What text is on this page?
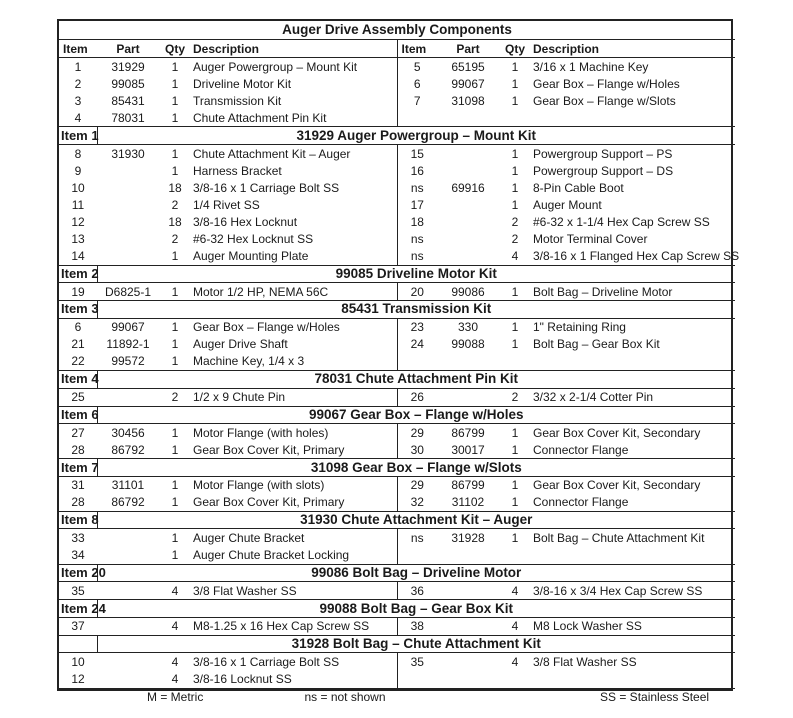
Auger Drive Assembly Components							
Item	Part	Qty	Description	Item	Part	Qty	Description
1	31929	1	Auger Powergroup – Mount Kit	5	65195	1	3/16 x 1 Machine Key
2	99085	1	Driveline Motor Kit	6	99067	1	Gear Box – Flange w/Holes
3	85431	1	Transmission Kit	7	31098	1	Gear Box – Flange w/Slots
4	78031	1	Chute Attachment Pin Kit				
Item 1	31929 Auger Powergroup – Mount Kit						
8	31930	1	Chute Attachment Kit – Auger	15		1	Powergroup Support – PS
9		1	Harness Bracket	16		1	Powergroup Support – DS
10		18	3/8-16 x 1 Carriage Bolt SS	ns	69916	1	8-Pin Cable Boot
11		2	1/4 Rivet SS	17		1	Auger Mount
12		18	3/8-16 Hex Locknut	18		2	#6-32 x 1-1/4 Hex Cap Screw SS
13		2	#6-32 Hex Locknut SS	ns		2	Motor Terminal Cover
14		1	Auger Mounting Plate	ns		4	3/8-16 x 1 Flanged Hex Cap Screw SS
Item 2	99085 Driveline Motor Kit						
19	D6825-1	1	Motor 1/2 HP, NEMA 56C	20	99086	1	Bolt Bag – Driveline Motor
Item 3	85431 Transmission Kit						
6	99067	1	Gear Box – Flange w/Holes	23	330	1	1" Retaining Ring
21	11892-1	1	Auger Drive Shaft	24	99088	1	Bolt Bag – Gear Box Kit
22	99572	1	Machine Key, 1/4 x 3				
Item 4	78031 Chute Attachment Pin Kit						
25		2	1/2 x 9 Chute Pin	26		2	3/32 x 2-1/4 Cotter Pin
Item 6	99067 Gear Box – Flange w/Holes						
27	30456	1	Motor Flange (with holes)	29	86799	1	Gear Box Cover Kit, Secondary
28	86792	1	Gear Box Cover Kit, Primary	30	30017	1	Connector Flange
Item 7	31098 Gear Box – Flange w/Slots						
31	31101	1	Motor Flange (with slots)	29	86799	1	Gear Box Cover Kit, Secondary
28	86792	1	Gear Box Cover Kit, Primary	32	31102	1	Connector Flange
Item 8	31930 Chute Attachment Kit – Auger						
33		1	Auger Chute Bracket	ns	31928	1	Bolt Bag – Chute Attachment Kit
34		1	Auger Chute Bracket Locking				
Item 20	99086 Bolt Bag – Driveline Motor						
35		4	3/8 Flat Washer SS	36		4	3/8-16 x 3/4 Hex Cap Screw SS
Item 24	99088 Bolt Bag – Gear Box Kit						
37		4	M8-1.25 x 16 Hex Cap Screw SS	38		4	M8 Lock Washer SS
	31928 Bolt Bag – Chute Attachment Kit						
10		4	3/8-16 x 1 Carriage Bolt SS	35		4	3/8 Flat Washer SS
12		4	3/8-16 Locknut SS				
M = Metric			ns = not shown			SS = Stainless Steel	
